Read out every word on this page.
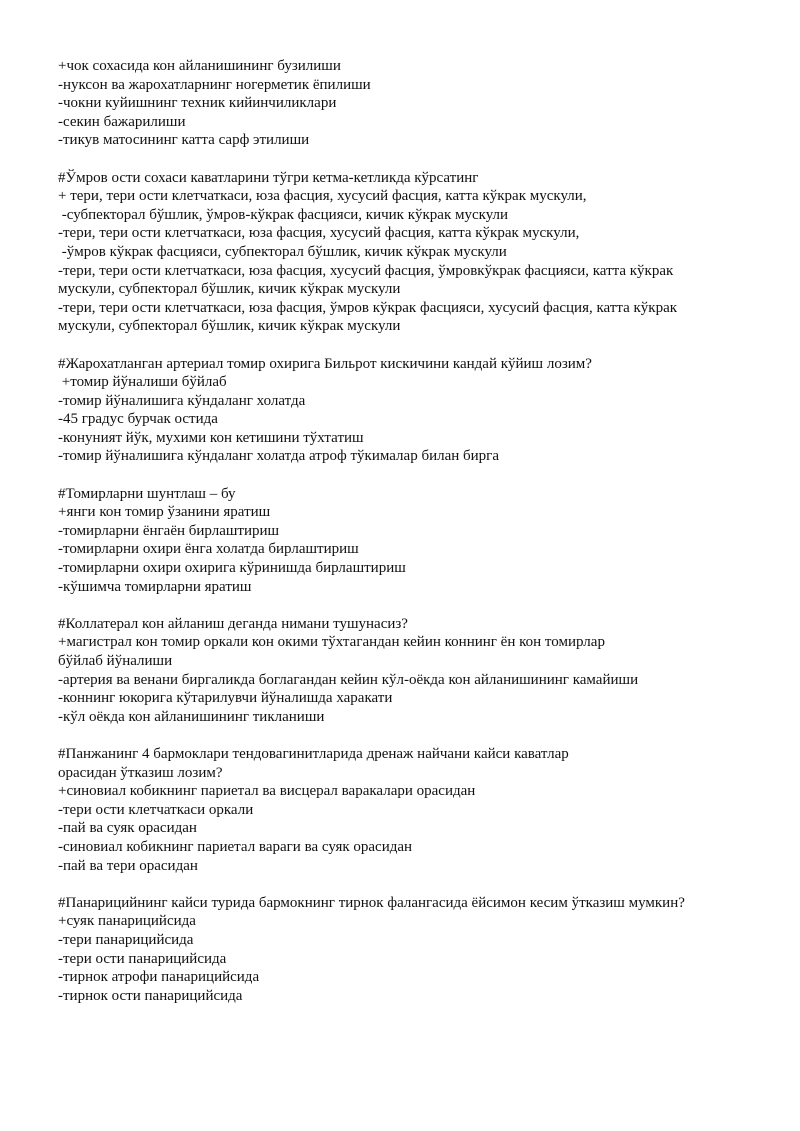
+чок сохасида кон айланишининг бузилиши
-нуксон ва жарохатларнинг ногерметик ёпилиши
-чокни куйишнинг техник кийинчиликлари
-секин бажарилиши
-тикув матосининг катта сарф этилиши
#Ўмров ости сохаси каватларини тўгри кетма-кетликда кўрсатинг
+ тери, тери ости клетчаткаси, юза фасция, хусусий фасция, катта кўкрак мускули,
-субпекторал бўшлик, ўмров-кўкрак фасцияси, кичик кўкрак мускули
-тери, тери ости клетчаткаси, юза фасция, хусусий фасция, катта кўкрак мускули,
-ўмров кўкрак фасцияси, субпекторал бўшлик, кичик кўкрак мускули
-тери, тери ости клетчаткаси, юза фасция, хусусий фасция, ўмровкўкрак фасцияси, катта кўкрак
мускули, субпекторал бўшлик, кичик кўкрак мускули
-тери, тери ости клетчаткаси, юза фасция, ўмров кўкрак фасцияси, хусусий фасция, катта кўкрак
мускули, субпекторал бўшлик, кичик кўкрак мускули
#Жарохатланган артериал томир охирига Бильрот кискичини кандай кўйиш лозим?
+томир йўналиши бўйлаб
-томир йўналишига кўндаланг холатда
-45 градус бурчак остида
-конуният йўк, мухими кон кетишини тўхтатиш
-томир йўналишига кўндаланг холатда атроф тўкималар билан бирга
#Томирларни шунтлаш – бу
+янги кон томир ўзанини яратиш
-томирларни ёнгаён бирлаштириш
-томирларни охири ёнга холатда бирлаштириш
-томирларни охири охирига кўринишда бирлаштириш
-кўшимча томирларни яратиш
#Коллатерал кон айланиш деганда нимани тушунасиз?
+магистрал кон томир оркали кон окими тўхтагандан кейин коннинг ён кон томирлар
бўйлаб йўналиши
-артерия ва венани биргаликда боглагандан кейин кўл-оёкда кон айланишининг камайиши
-коннинг юкорига кўтарилувчи йўналишда харакати
-кўл оёкда кон айланишининг тикланиши
#Панжанинг 4 бармоклари тендовагинитларида дренаж найчани кайси каватлар
орасидан ўтказиш лозим?
+синовиал кобикнинг париетал ва висцерал варакалари орасидан
-тери ости клетчаткаси оркали
-пай ва суяк орасидан
-синовиал кобикнинг париетал вараги ва суяк орасидан
-пай ва тери орасидан
#Панарицийнинг кайси турида бармокнинг тирнок фалангасида ёйсимон кесим ўтказиш мумкин?
+суяк панарицийсида
-тери панарицийсида
-тери ости панарицийсида
-тирнок атрофи панарицийсида
-тирнок ости панарицийсида
